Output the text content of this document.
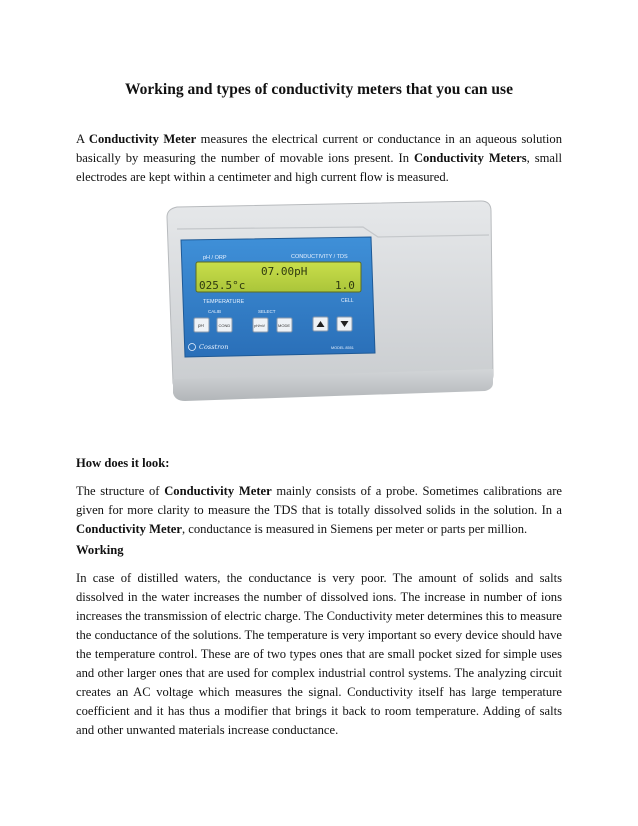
Working and types of conductivity meters that you can use

A Conductivity Meter measures the electrical current or conductance in an aqueous solution basically by measuring the number of movable ions present. In Conductivity Meters, small electrodes are kept within a centimeter and high current flow is measured.

pH / ORP	CONDUCTIVITY / TDS
07.00pH
025.5°c	1.0
TEMPERATURE	CELL
CALIB	SELECT
pH	COND	pH/mV	MODE
Cosstron	MODEL 8551
How does it look:

The structure of Conductivity Meter mainly consists of a probe. Sometimes calibrations are given for more clarity to measure the TDS that is totally dissolved solids in the solution. In a Conductivity Meter, conductance is measured in Siemens per meter or parts per million.

Working

In case of distilled waters, the conductance is very poor. The amount of solids and salts dissolved in the water increases the number of dissolved ions. The increase in number of ions increases the transmission of electric charge. The Conductivity meter determines this to measure the conductance of the solutions. The temperature is very important so every device should have the temperature control. These are of two types ones that are small pocket sized for simple uses and other larger ones that are used for complex industrial control systems. The analyzing circuit creates an AC voltage which measures the signal. Conductivity itself has large temperature coefficient and it has thus a modifier that brings it back to room temperature. Adding of salts and other unwanted materials increase conductance.
